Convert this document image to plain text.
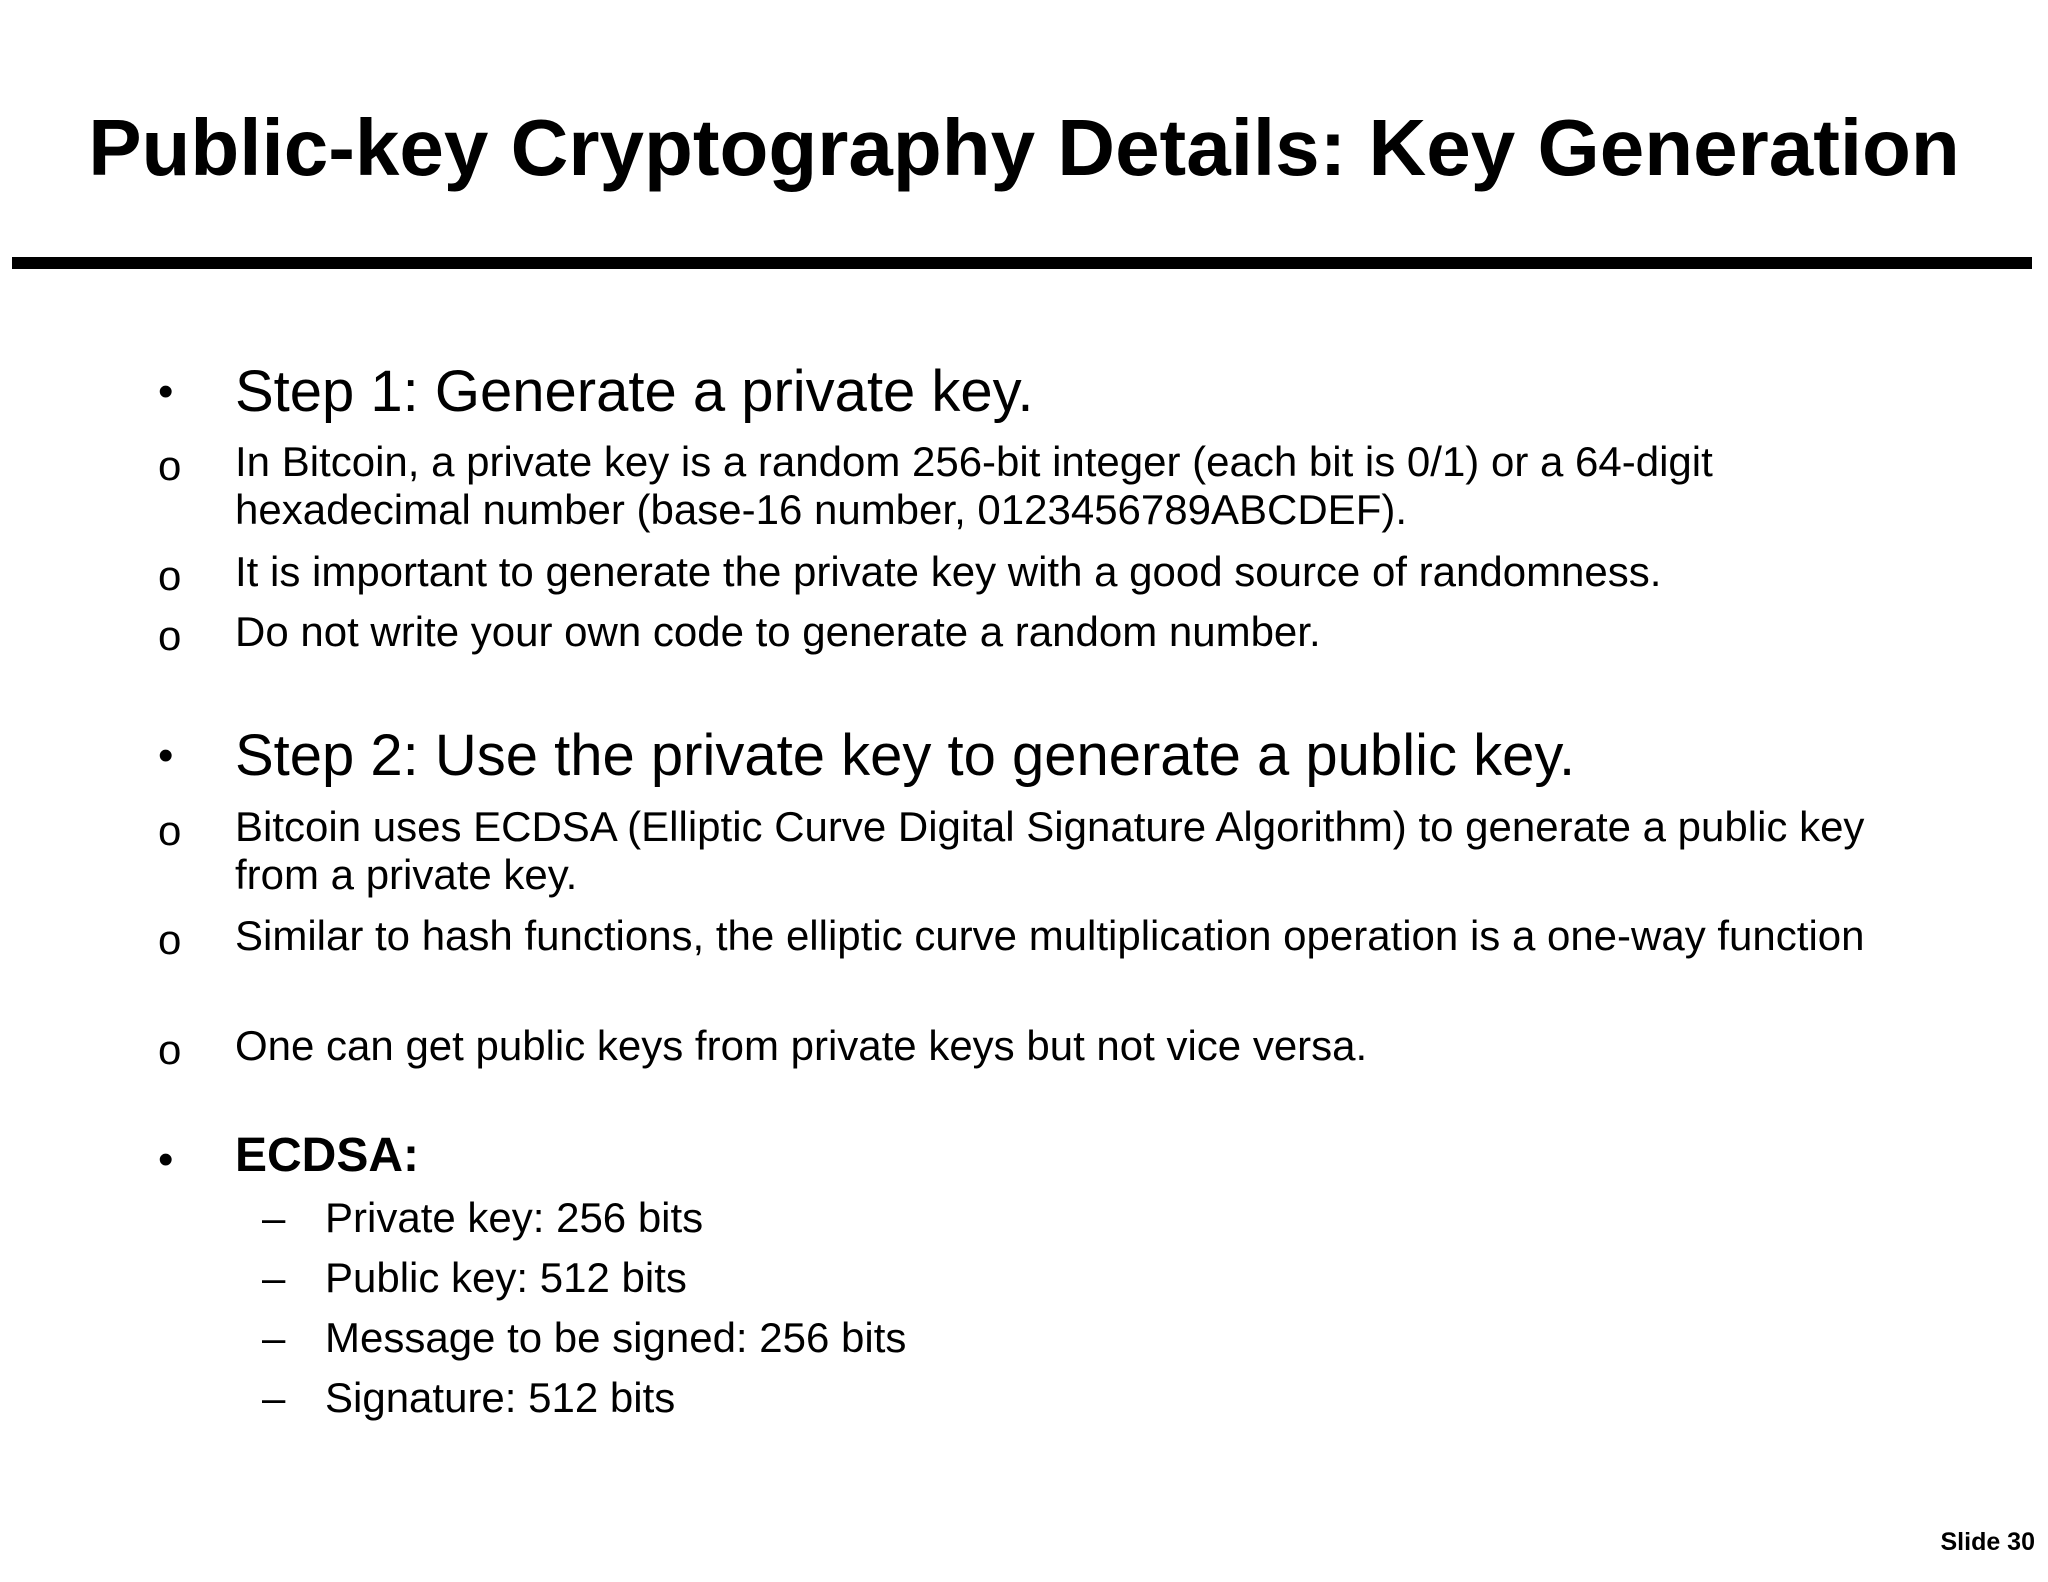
Public-key Cryptography Details: Key Generation
• Step 1: Generate a private key.
o In Bitcoin, a private key is a random 256-bit integer (each bit is 0/1) or a 64-digit hexadecimal number (base-16 number, 0123456789ABCDEF).
o It is important to generate the private key with a good source of randomness.
o Do not write your own code to generate a random number.
• Step 2: Use the private key to generate a public key.
o Bitcoin uses ECDSA (Elliptic Curve Digital Signature Algorithm) to generate a public key from a private key.
o Similar to hash functions, the elliptic curve multiplication operation is a one-way function
o One can get public keys from private keys but not vice versa.
• ECDSA:
– Private key: 256 bits
– Public key: 512 bits
– Message to be signed: 256 bits
– Signature: 512 bits
Slide 30
